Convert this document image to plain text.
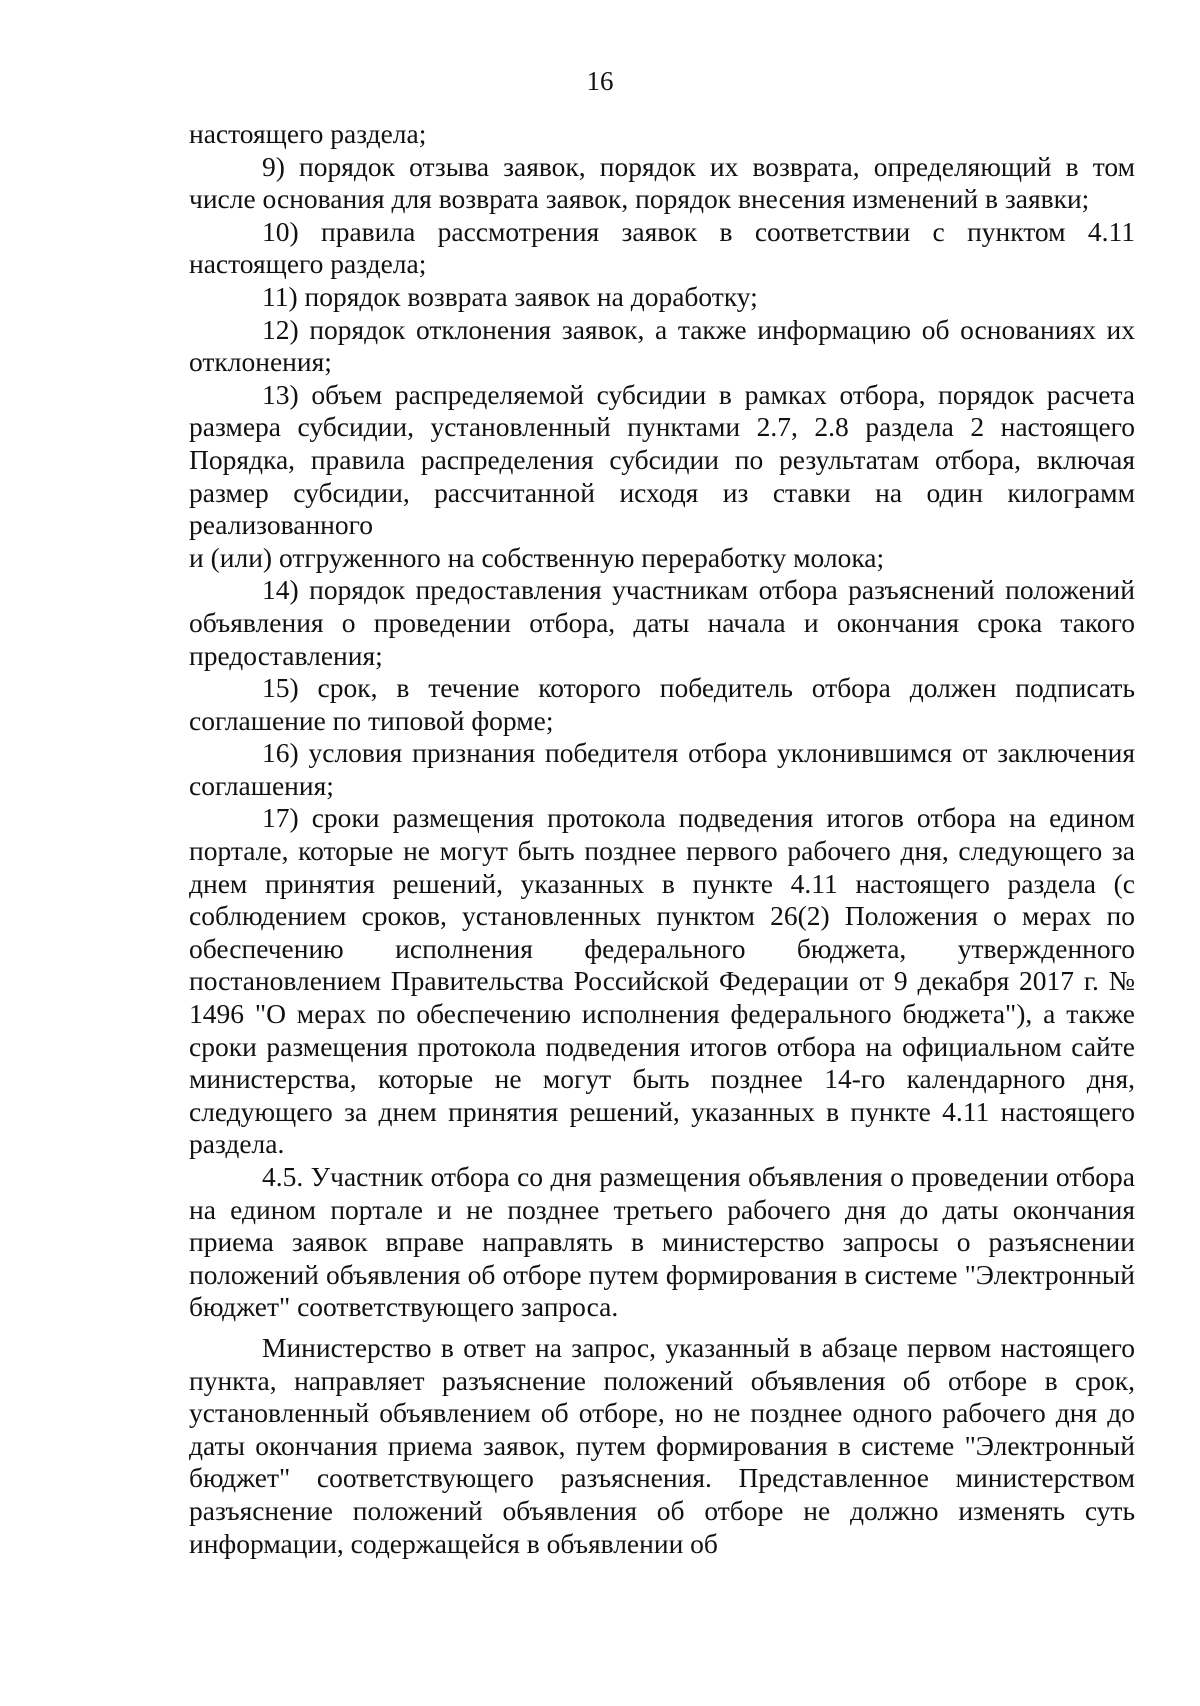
16

настоящего раздела;

9) порядок отзыва заявок, порядок их возврата, определяющий в том числе основания для возврата заявок, порядок внесения изменений в заявки;

10) правила рассмотрения заявок в соответствии с пунктом 4.11 настоящего раздела;

11) порядок возврата заявок на доработку;

12) порядок отклонения заявок, а также информацию об основаниях их отклонения;

13) объем распределяемой субсидии в рамках отбора, порядок расчета размера субсидии, установленный пунктами 2.7, 2.8 раздела 2 настоящего Порядка, правила распределения субсидии по результатам отбора, включая размер субсидии, рассчитанной исходя из ставки на один килограмм реализованного

и (или) отгруженного на собственную переработку молока;

14) порядок предоставления участникам отбора разъяснений положений объявления о проведении отбора, даты начала и окончания срока такого предоставления;

15) срок, в течение которого победитель отбора должен подписать соглашение по типовой форме;

16) условия признания победителя отбора уклонившимся от заключения соглашения;

17) сроки размещения протокола подведения итогов отбора на едином портале, которые не могут быть позднее первого рабочего дня, следующего за днем принятия решений, указанных в пункте 4.11 настоящего раздела (с соблюдением сроков, установленных пунктом 26(2) Положения о мерах по обеспечению исполнения федерального бюджета, утвержденного постановлением Правительства Российской Федерации от 9 декабря 2017 г. № 1496 "О мерах по обеспечению исполнения федерального бюджета"), а также сроки размещения протокола подведения итогов отбора на официальном сайте министерства, которые не могут быть позднее 14-го календарного дня, следующего за днем принятия решений, указанных в пункте 4.11 настоящего раздела.

4.5. Участник отбора со дня размещения объявления о проведении отбора на едином портале и не позднее третьего рабочего дня до даты окончания приема заявок вправе направлять в министерство запросы о разъяснении положений объявления об отборе путем формирования в системе "Электронный бюджет" соответствующего запроса.

Министерство в ответ на запрос, указанный в абзаце первом настоящего пункта, направляет разъяснение положений объявления об отборе в срок, установленный объявлением об отборе, но не позднее одного рабочего дня до даты окончания приема заявок, путем формирования в системе "Электронный бюджет" соответствующего разъяснения. Представленное министерством разъяснение положений объявления об отборе не должно изменять суть информации, содержащейся в объявлении об
